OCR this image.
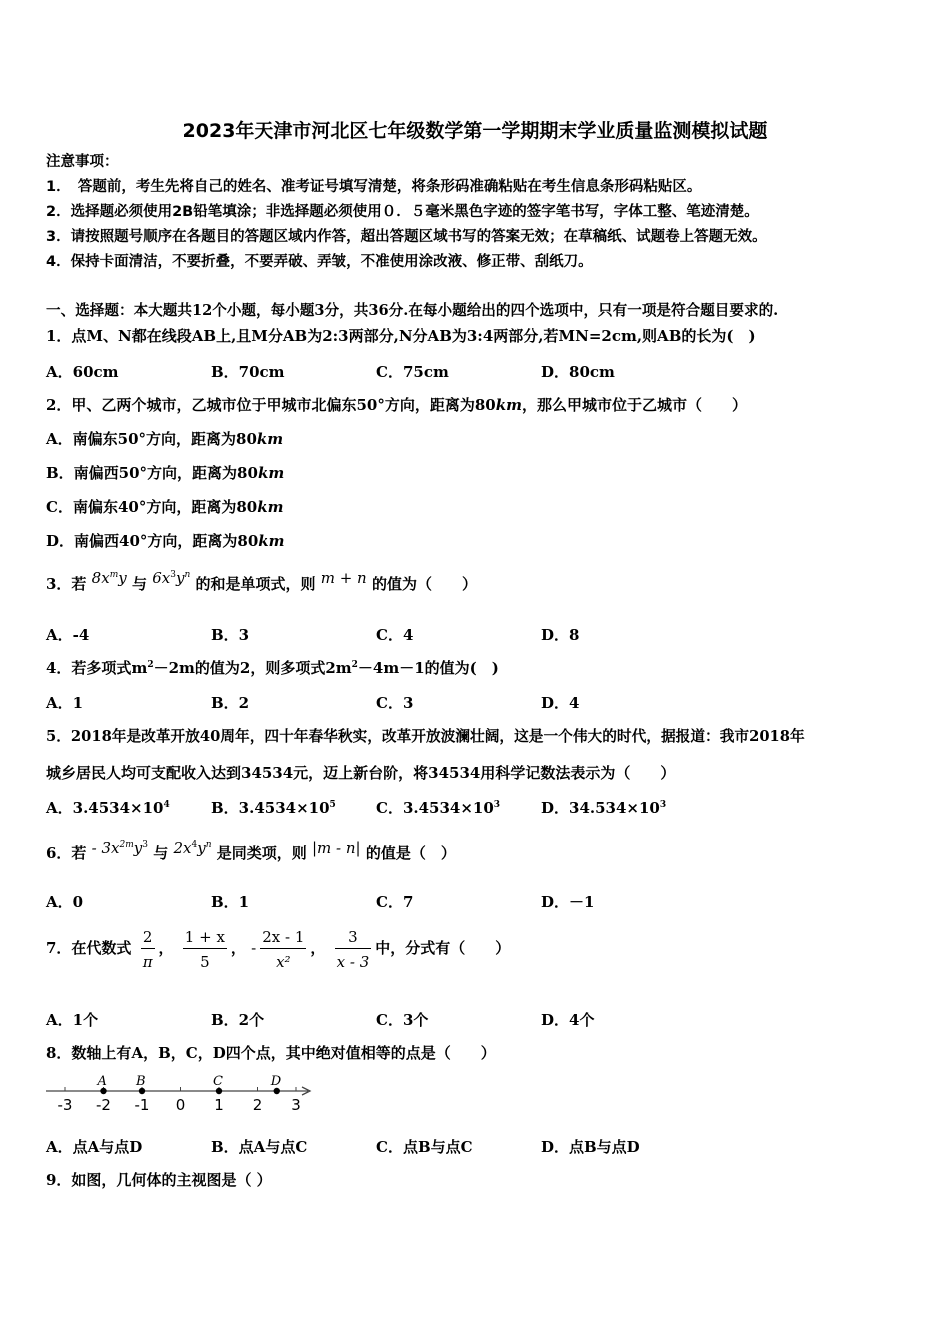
2023年天津市河北区七年级数学第一学期期末学业质量监测模拟试题
注意事项：
1．　答题前，考生先将自己的姓名、准考证号填写清楚，将条形码准确粘贴在考生信息条形码粘贴区。
2．选择题必须使用2B铅笔填涂；非选择题必须使用０．５毫米黑色字迹的签字笔书写，字体工整、笔迹清楚。
3．请按照题号顺序在各题目的答题区域内作答，超出答题区域书写的答案无效；在草稿纸、试题卷上答题无效。
4．保持卡面清洁，不要折叠，不要弄破、弄皱，不准使用涂改液、修正带、刮纸刀。
一、选择题：本大题共12个小题，每小题3分，共36分.在每小题给出的四个选项中，只有一项是符合题目要求的.
1．点M、N都在线段AB上,且M分AB为2:3两部分,N分AB为3:4两部分,若MN=2cm,则AB的长为(　)
A．60cm	B．70cm	C．75cm	D．80cm
2．甲、乙两个城市，乙城市位于甲城市北偏东50°方向，距离为80km，那么甲城市位于乙城市（　　）
A．南偏东50°方向，距离为80km
B．南偏西50°方向，距离为80km
C．南偏东40°方向，距离为80km
D．南偏西40°方向，距离为80km
3．若 $8x^my$ 与 $6x^3y^n$ 的和是单项式，则 m + n 的值为（　　）
A．-4	B．3	C．4	D．8
4．若多项式$m^2-2m$的值为2，则多项式$2m^2-4m-1$的值为(　)
A．1	B．2	C．3	D．4
5．2018年是改革开放40周年，四十年春华秋实，改革开放波澜壮阔，这是一个伟大的时代，据报道：我市2018年
城乡居民人均可支配收入达到34534元，迈上新台阶，将34534用科学记数法表示为（　　）
A．$3.4534\times 10^4$	B．$3.4534\times 10^5$	C．$3.4534\times 10^3$	D．$34.534\times 10^3$
6．若 - $3x^{2m}y^3$ 与 $2x^4y^n$ 是同类项，则 |m - n| 的值是（　）
A．0	B．1	C．7	D．－1
7．在代数式 $\frac{2}{\pi}$ ， $\frac{1 + x}{5}$ ， - $\frac{2x - 1}{\text{x²}}$ ， $\frac{3}{x - 3}$ 中，分式有（　　）
A．1个	B．2个	C．3个	D．4个
8．数轴上有A，B，C，D四个点，其中绝对值相等的点是（　　）
-3 -2 -1 0 1 2 3
A B	C	D
A．点A与点D	B．点A与点C	C．点B与点C	D．点B与点D
9．如图，几何体的主视图是（ ）
